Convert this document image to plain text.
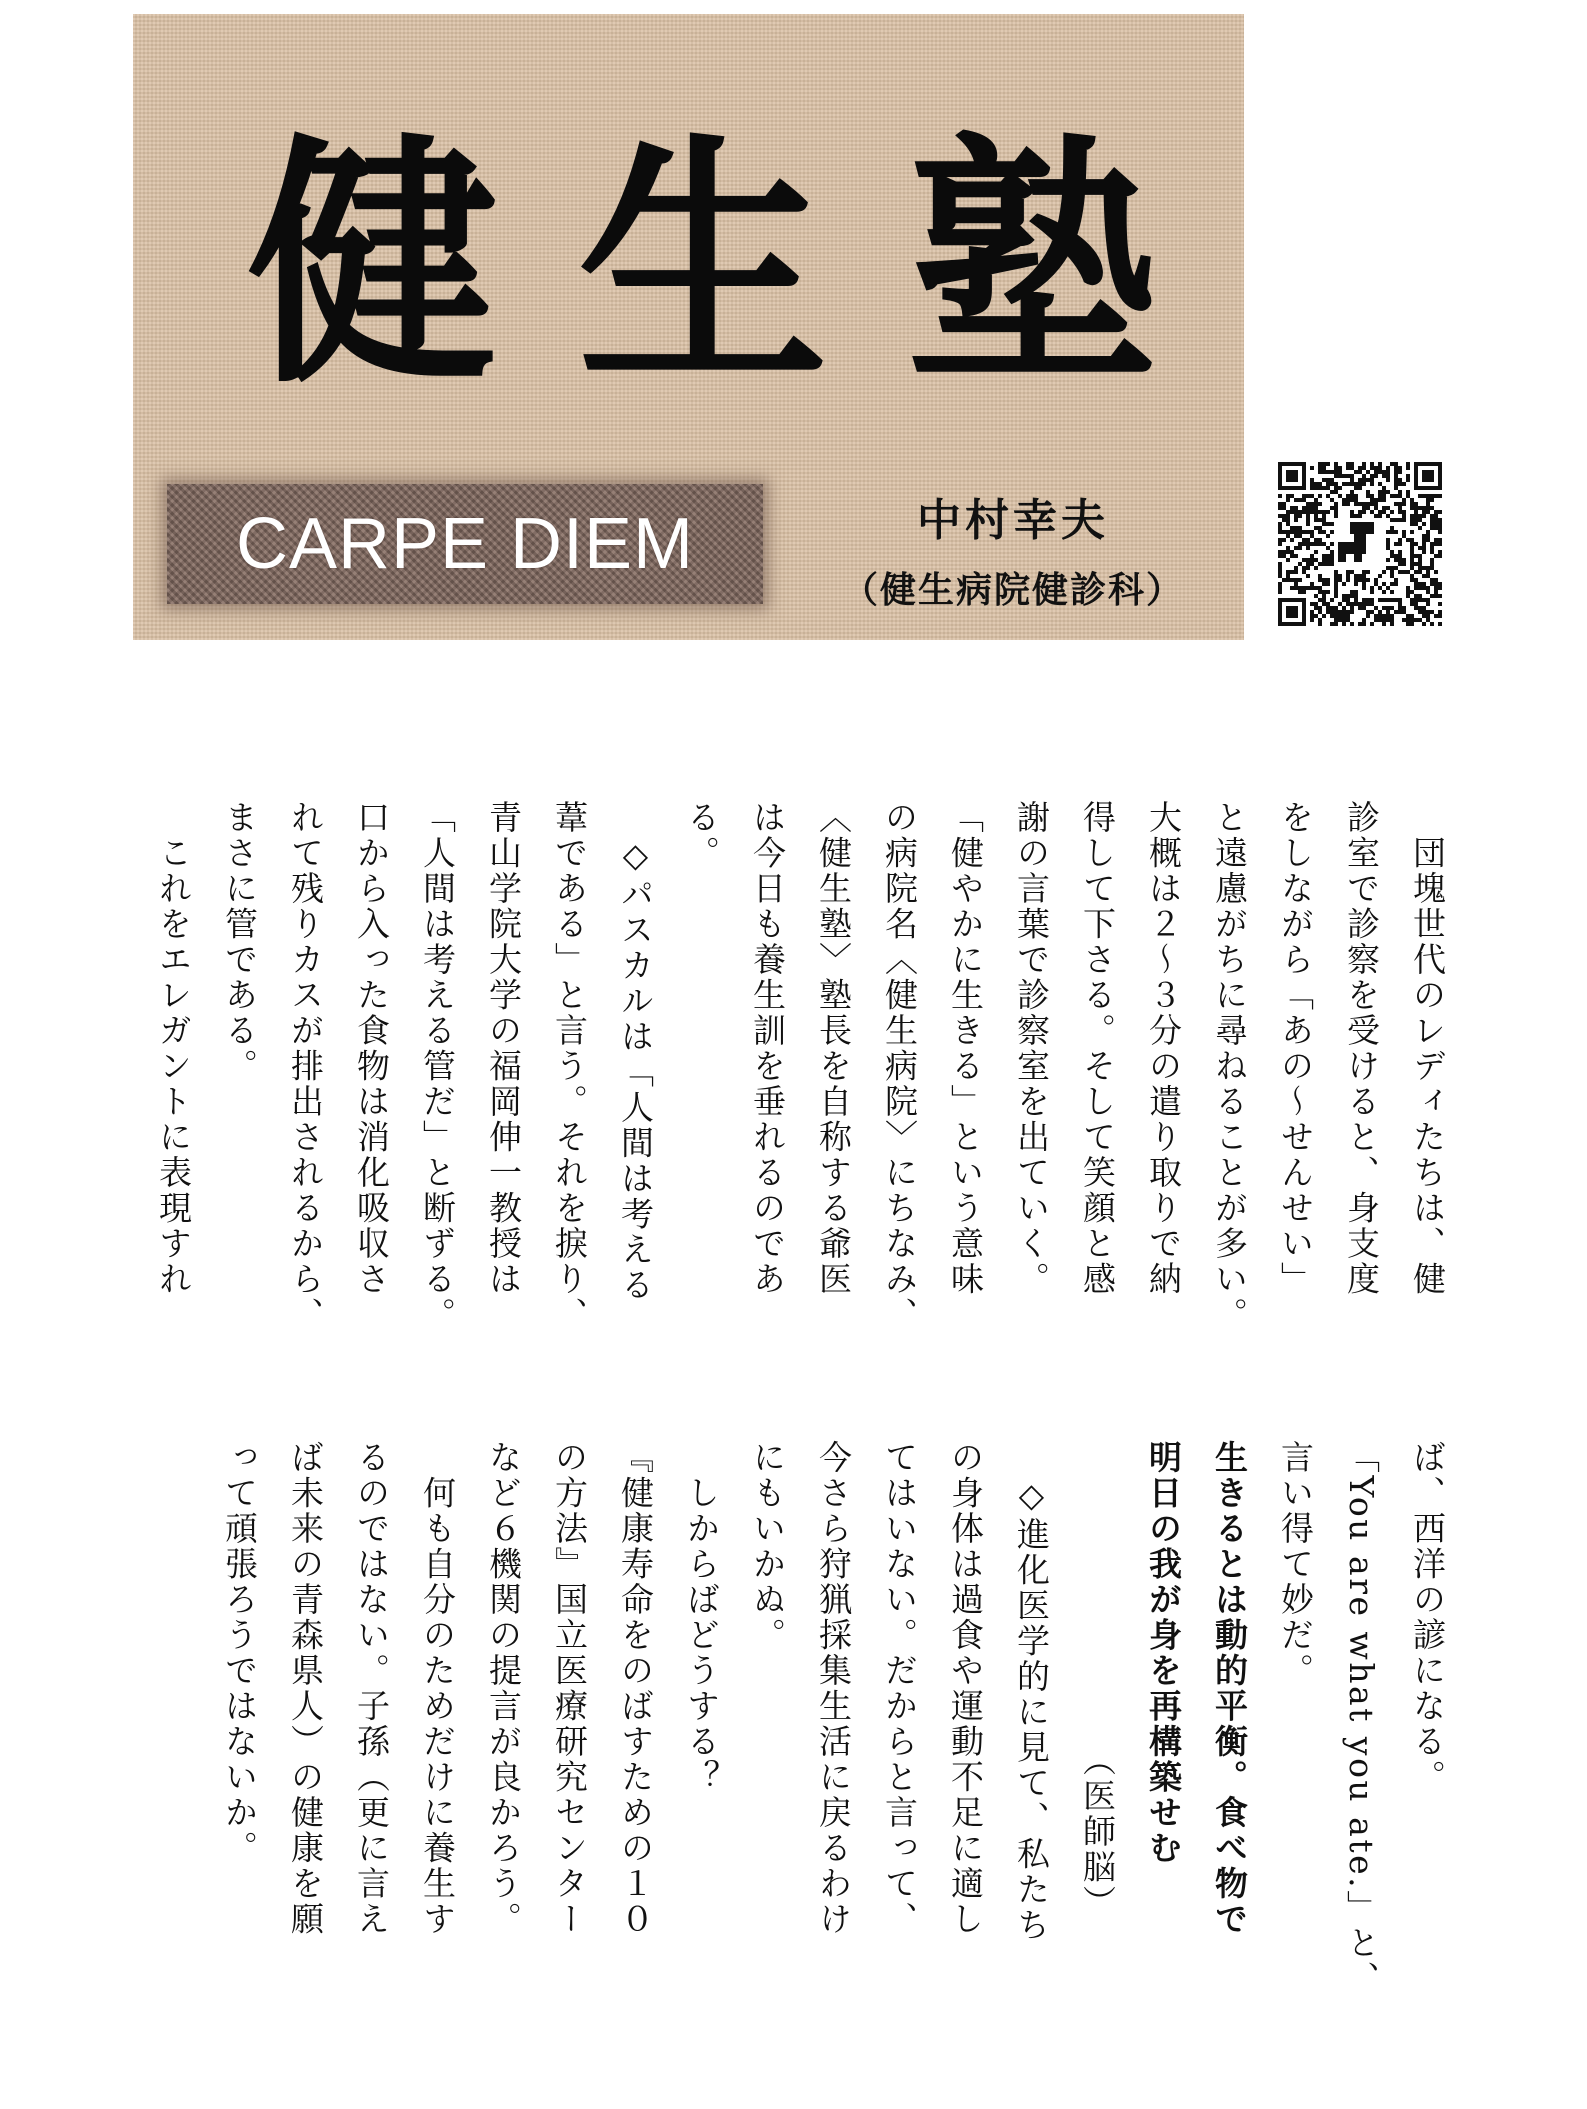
健 生 塾
CARPE DIEM	中村幸夫
（健生病院健診科）
　団塊世代のレディたちは、健
診室で診察を受けると、身支度
をしながら「あの～せんせい」
と遠慮がちに尋ねることが多い。
大概は２～３分の遣り取りで納
得して下さる。そして笑顔と感
謝の言葉で診察室を出ていく。
「健やかに生きる」という意味
の病院名〈健生病院〉にちなみ、
〈健生塾〉塾長を自称する爺医
は今日も養生訓を垂れるのであ
る。
　◇パスカルは「人間は考える
葦である」と言う。それを捩り、
青山学院大学の福岡伸一教授は
「人間は考える管だ」と断ずる。
口から入った食物は消化吸収さ
れて残りカスが排出されるから、
まさに管である。
　これをエレガントに表現すれ
ば、西洋の諺になる。
「You are what you ate.」と、
言い得て妙だ。
生きるとは動的平衡。食べ物で
明日の我が身を再構築せむ
　　　　　　　　　（医師脳）
　◇進化医学的に見て、私たち
の身体は過食や運動不足に適し
てはいない。だからと言って、
今さら狩猟採集生活に戻るわけ
にもいかぬ。
　しからばどうする？
『健康寿命をのばすための１０
の方法』国立医療研究センター
など６機関の提言が良かろう。
　何も自分のためだけに養生す
るのではない。子孫（更に言え
ば未来の青森県人）の健康を願
って頑張ろうではないか。
